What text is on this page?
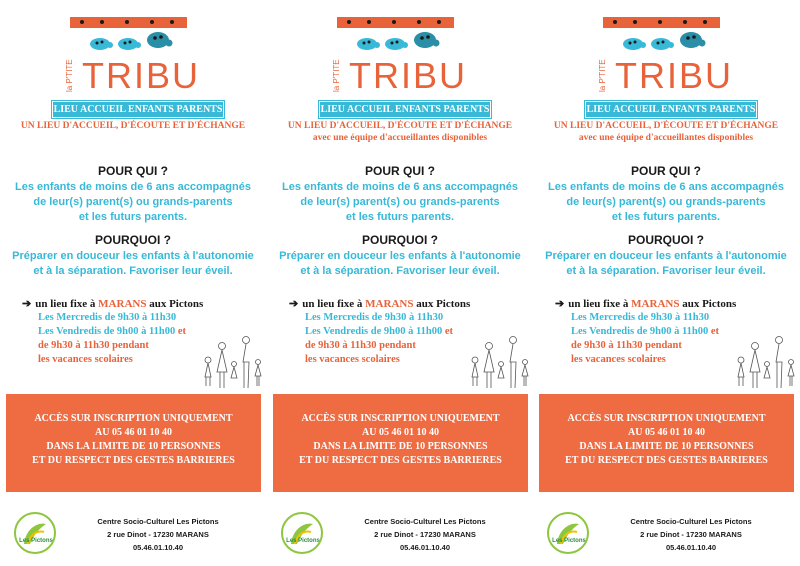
la P'TITE TRIBU
LIEU ACCUEIL ENFANTS PARENTS
UN LIEU D'ACCUEIL, D'ÉCOUTE ET D'ÉCHANGE
POUR QUI ?
Les enfants de moins de 6 ans accompagnés
de leur(s) parent(s) ou grands-parents
et les futurs parents.
POURQUOI ?
Préparer en douceur les enfants à l'autonomie
et à la séparation. Favoriser leur éveil.
➔ un lieu fixe à MARANS aux Pictons
Les Mercredis de 9h30 à 11h30
Les Vendredis de 9h00 à 11h00 et
de 9h30 à 11h30 pendant
les vacances scolaires
ACCÈS SUR INSCRIPTION UNIQUEMENT
AU 05 46 01 10 40
DANS LA LIMITE DE 10 PERSONNES
ET DU RESPECT DES GESTES BARRIERES
Les Pictons
Centre Socio-Culturel Les Pictons
2 rue Dinot - 17230 MARANS
05.46.01.10.40
la P'TITE TRIBU
LIEU ACCUEIL ENFANTS PARENTS
UN LIEU D'ACCUEIL, D'ÉCOUTE ET D'ÉCHANGE
avec une équipe d'accueillantes disponibles
POUR QUI ?
Les enfants de moins de 6 ans accompagnés
de leur(s) parent(s) ou grands-parents
et les futurs parents.
POURQUOI ?
Préparer en douceur les enfants à l'autonomie
et à la séparation. Favoriser leur éveil.
➔ un lieu fixe à MARANS aux Pictons
Les Mercredis de 9h30 à 11h30
Les Vendredis de 9h00 à 11h00 et
de 9h30 à 11h30 pendant
les vacances scolaires
ACCÈS SUR INSCRIPTION UNIQUEMENT
AU 05 46 01 10 40
DANS LA LIMITE DE 10 PERSONNES
ET DU RESPECT DES GESTES BARRIERES
Les Pictons
Centre Socio-Culturel Les Pictons
2 rue Dinot - 17230 MARANS
05.46.01.10.40
la P'TITE TRIBU
LIEU ACCUEIL ENFANTS PARENTS
UN LIEU D'ACCUEIL, D'ÉCOUTE ET D'ÉCHANGE
avec une équipe d'accueillantes disponibles
POUR QUI ?
Les enfants de moins de 6 ans accompagnés
de leur(s) parent(s) ou grands-parents
et les futurs parents.
POURQUOI ?
Préparer en douceur les enfants à l'autonomie
et à la séparation. Favoriser leur éveil.
➔ un lieu fixe à MARANS aux Pictons
Les Mercredis de 9h30 à 11h30
Les Vendredis de 9h00 à 11h00 et
de 9h30 à 11h30 pendant
les vacances scolaires
ACCÈS SUR INSCRIPTION UNIQUEMENT
AU 05 46 01 10 40
DANS LA LIMITE DE 10 PERSONNES
ET DU RESPECT DES GESTES BARRIERES
Les Pictons
Centre Socio-Culturel Les Pictons
2 rue Dinot - 17230 MARANS
05.46.01.10.40
